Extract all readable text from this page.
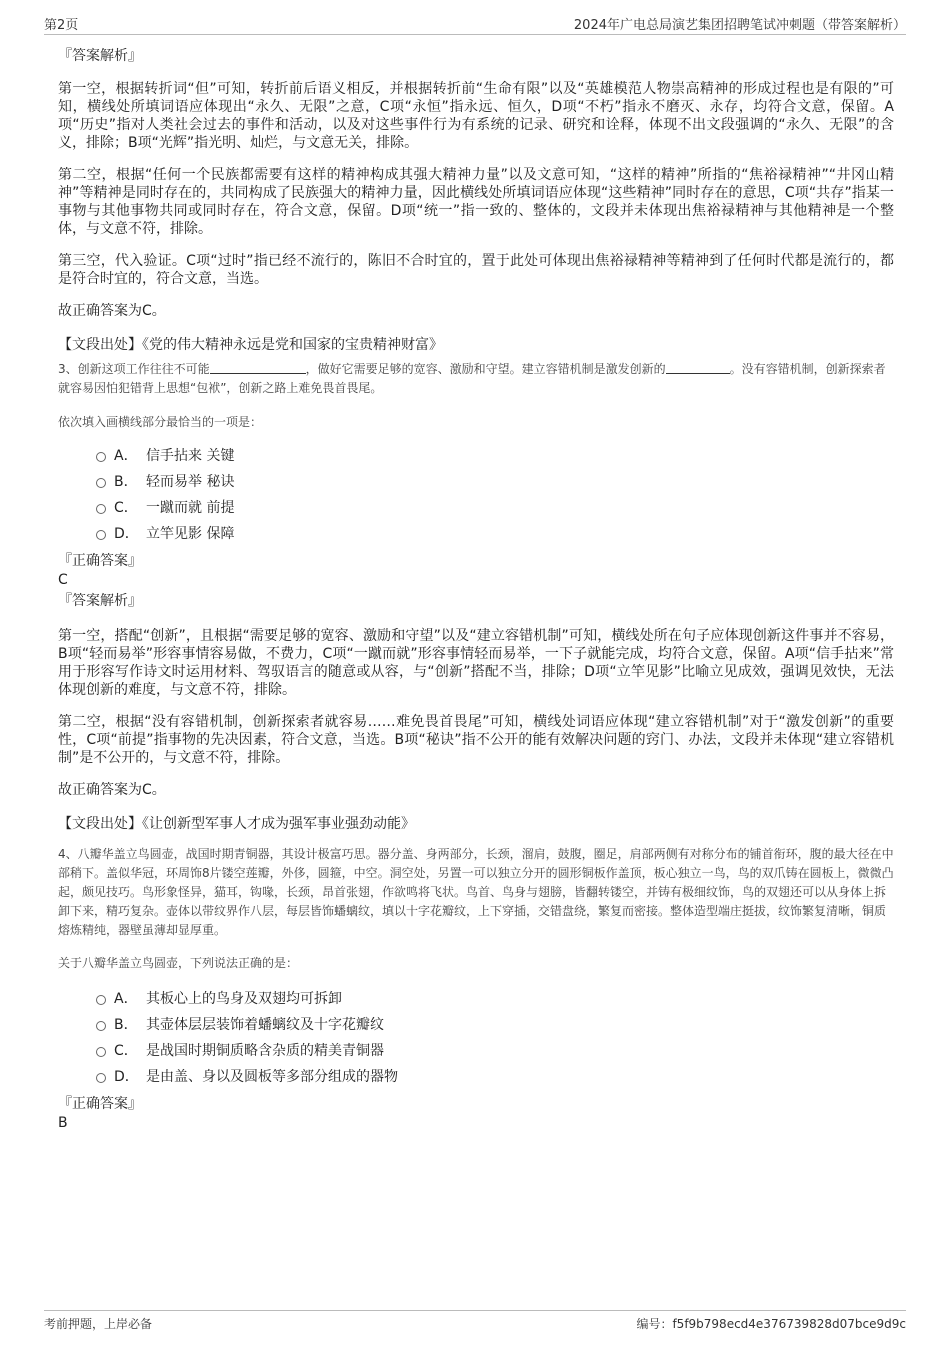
第2页	2024年广电总局演艺集团招聘笔试冲刺题（带答案解析）

『答案解析』

第一空，根据转折词“但”可知，转折前后语义相反，并根据转折前“生命有限”以及“英雄模范人物崇高精神的形成过程也是有限的”可知，横线处所填词语应体现出“永久、无限”之意，C项“永恒”指永远、恒久，D项“不朽”指永不磨灭、永存，均符合文意，保留。A项“历史”指对人类社会过去的事件和活动，以及对这些事件行为有系统的记录、研究和诠释，体现不出文段强调的“永久、无限”的含义，排除；B项“光辉”指光明、灿烂，与文意无关，排除。

第二空，根据“任何一个民族都需要有这样的精神构成其强大精神力量”以及文意可知，“这样的精神”所指的“焦裕禄精神”“井冈山精神”等精神是同时存在的，共同构成了民族强大的精神力量，因此横线处所填词语应体现“这些精神”同时存在的意思，C项“共存”指某一事物与其他事物共同或同时存在，符合文意，保留。D项“统一”指一致的、整体的，文段并未体现出焦裕禄精神与其他精神是一个整体，与文意不符，排除。

第三空，代入验证。C项“过时”指已经不流行的，陈旧不合时宜的，置于此处可体现出焦裕禄精神等精神到了任何时代都是流行的，都是符合时宜的，符合文意，当选。

故正确答案为C。

【文段出处】《党的伟大精神永远是党和国家的宝贵精神财富》

3、创新这项工作往往不可能	，做好它需要足够的宽容、激励和守望。建立容错机制是激发创新的	。没有容错机制，创新探索者就容易因怕犯错背上思想“包袱”，创新之路上难免畏首畏尾。

依次填入画横线部分最恰当的一项是：

A． 信手拈来 关键
B． 轻而易举 秘诀
C． 一蹴而就 前提
D． 立竿见影 保障

『正确答案』

C

『答案解析』

第一空，搭配“创新”，且根据“需要足够的宽容、激励和守望”以及“建立容错机制”可知，横线处所在句子应体现创新这件事并不容易，B项“轻而易举”形容事情容易做，不费力，C项“一蹴而就”形容事情轻而易举，一下子就能完成，均符合文意，保留。A项“信手拈来”常用于形容写作诗文时运用材料、驾驭语言的随意或从容，与“创新”搭配不当，排除；D项“立竿见影”比喻立见成效，强调见效快，无法体现创新的难度，与文意不符，排除。

第二空，根据“没有容错机制，创新探索者就容易……难免畏首畏尾”可知，横线处词语应体现“建立容错机制”对于“激发创新”的重要性，C项“前提”指事物的先决因素，符合文意，当选。B项“秘诀”指不公开的能有效解决问题的窍门、办法，文段并未体现“建立容错机制”是不公开的，与文意不符，排除。

故正确答案为C。

【文段出处】《让创新型军事人才成为强军事业强劲动能》

4、八瓣华盖立鸟圆壶，战国时期青铜器，其设计极富巧思。器分盖、身两部分，长颈，溜肩，鼓腹，圈足，肩部两侧有对称分布的铺首衔环，腹的最大径在中部稍下。盖似华冠，环周饰8片镂空莲瓣，外侈，圆箍，中空。洞空处，另置一可以独立分开的圆形铜板作盖顶，板心独立一鸟，鸟的双爪铸在圆板上，微微凸起，颇见技巧。鸟形象怪异，猫耳，钩喙，长颈，昂首张翅，作欲鸣将飞状。鸟首、鸟身与翅膀，皆翻转镂空，并铸有极细纹饰，鸟的双翅还可以从身体上拆卸下来，精巧复杂。壶体以带纹界作八层，每层皆饰蟠螭纹，填以十字花瓣纹，上下穿插，交错盘绕，繁复而密接。整体造型端庄挺拔，纹饰繁复清晰，铜质熔炼精纯，器壁虽薄却显厚重。

关于八瓣华盖立鸟圆壶，下列说法正确的是：

A． 其板心上的鸟身及双翅均可拆卸
B． 其壶体层层装饰着蟠螭纹及十字花瓣纹
C． 是战国时期铜质略含杂质的精美青铜器
D． 是由盖、身以及圆板等多部分组成的器物

『正确答案』

B

考前押题，上岸必备	编号：f5f9b798ecd4e376739828d07bce9d9c
